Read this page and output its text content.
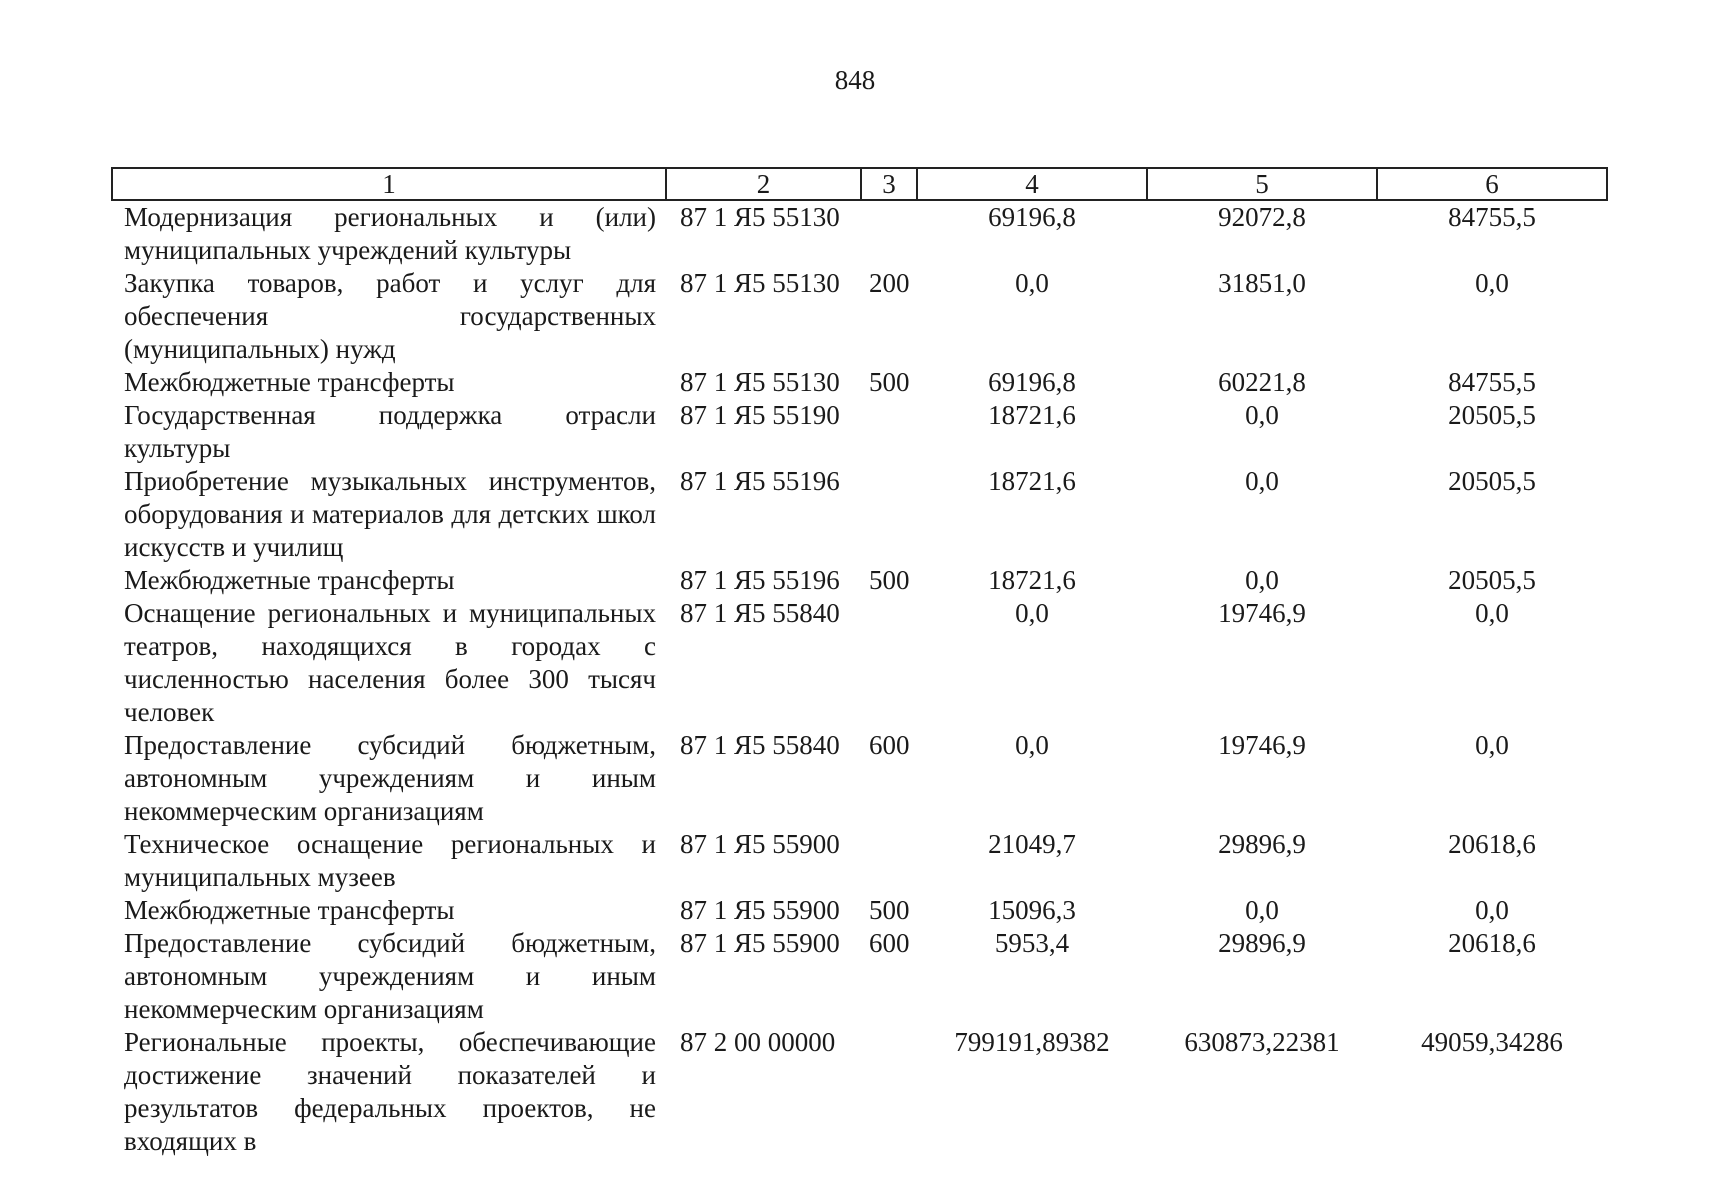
848
1	2	3	4	5	6
Модернизация региональных и (или) муниципальных учреждений культуры	87 1 Я5 55130		69196,8	92072,8	84755,5
Закупка товаров, работ и услуг для обеспечения государственных (муниципальных) нужд	87 1 Я5 55130	200	0,0	31851,0	0,0
Межбюджетные трансферты	87 1 Я5 55130	500	69196,8	60221,8	84755,5
Государственная поддержка отрасли культуры	87 1 Я5 55190		18721,6	0,0	20505,5
Приобретение музыкальных инструментов, оборудования и материалов для детских школ искусств и училищ	87 1 Я5 55196		18721,6	0,0	20505,5
Межбюджетные трансферты	87 1 Я5 55196	500	18721,6	0,0	20505,5
Оснащение региональных и муниципальных театров, находящихся в городах с численностью населения более 300 тысяч человек	87 1 Я5 55840		0,0	19746,9	0,0
Предоставление субсидий бюджетным, автономным учреждениям и иным некоммерческим организациям	87 1 Я5 55840	600	0,0	19746,9	0,0
Техническое оснащение региональных и муниципальных музеев	87 1 Я5 55900		21049,7	29896,9	20618,6
Межбюджетные трансферты	87 1 Я5 55900	500	15096,3	0,0	0,0
Предоставление субсидий бюджетным, автономным учреждениям и иным некоммерческим организациям	87 1 Я5 55900	600	5953,4	29896,9	20618,6
Региональные проекты, обеспечивающие достижение значений показателей и результатов федеральных проектов, не входящих в	87 2 00 00000		799191,89382	630873,22381	49059,34286
